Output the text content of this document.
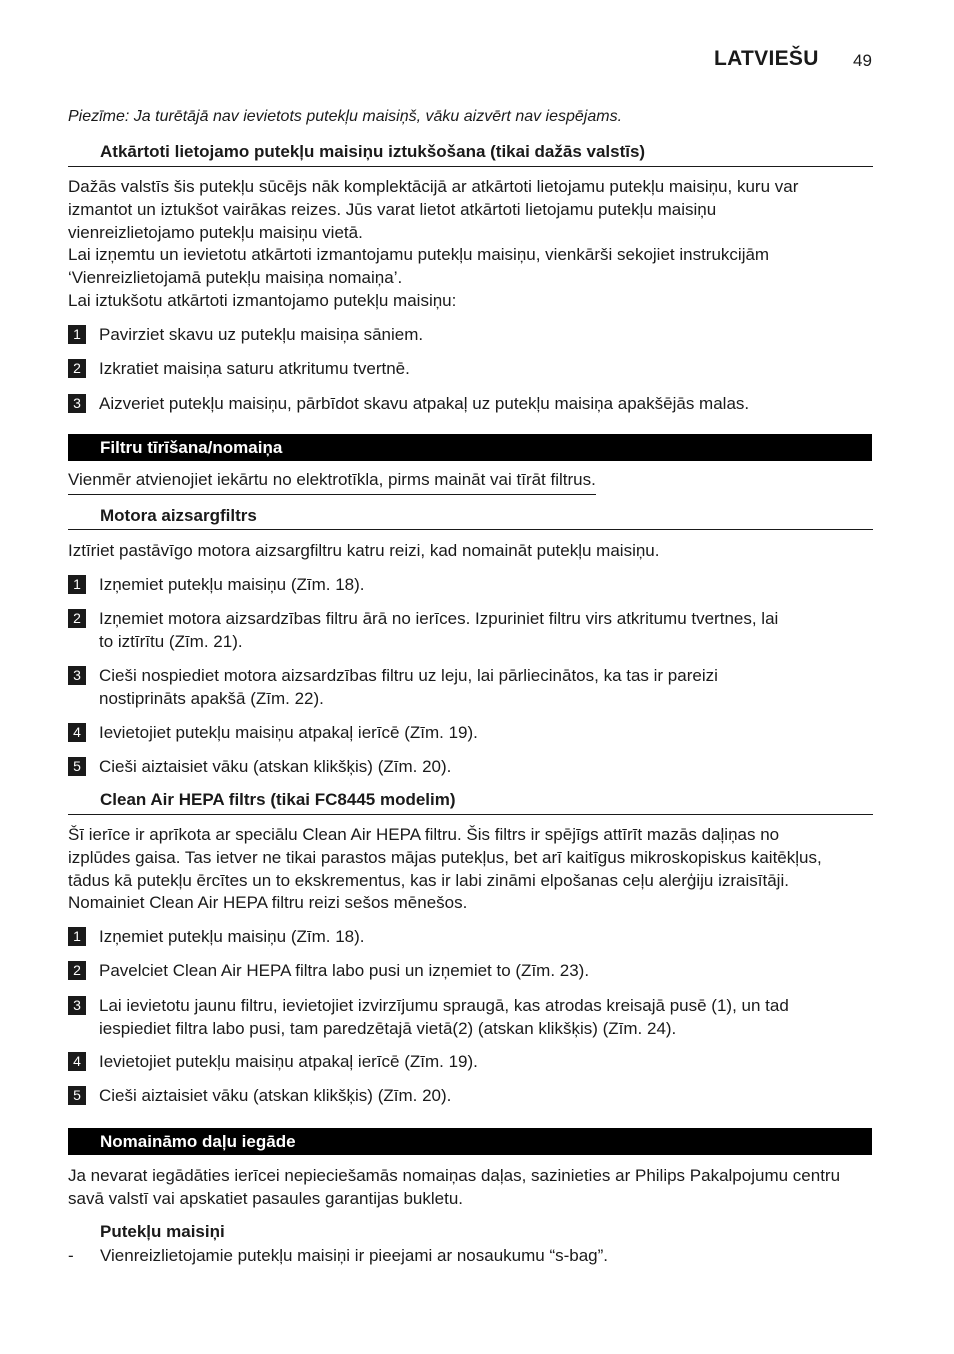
LATVIEŠU 49
Piezīme: Ja turētājā nav ievietots putekļu maisiņš, vāku aizvērt nav iespējams.
Atkārtoti lietojamo putekļu maisiņu iztukšošana (tikai dažās valstīs)
Dažās valstīs šis putekļu sūcējs nāk komplektācijā ar atkārtoti lietojamu putekļu maisiņu, kuru var
izmantot un iztukšot vairākas reizes. Jūs varat lietot atkārtoti lietojamu putekļu maisiņu
vienreizlietojamo putekļu maisiņu vietā.
Lai izņemtu un ievietotu atkārtoti izmantojamu putekļu maisiņu, vienkārši sekojiet instrukcijām
‘Vienreizlietojamā putekļu maisiņa nomaiņa’.
Lai iztukšotu atkārtoti izmantojamo putekļu maisiņu:
1	Pavirziet skavu uz putekļu maisiņa sāniem.
2	Izkratiet maisiņa saturu atkritumu tvertnē.
3	Aizveriet putekļu maisiņu, pārbīdot skavu atpakaļ uz putekļu maisiņa apakšējās malas.
Filtru tīrīšana/nomaiņa
Vienmēr atvienojiet iekārtu no elektrotīkla, pirms maināt vai tīrāt filtrus.
Motora aizsargfiltrs
Iztīriet pastāvīgo motora aizsargfiltru katru reizi, kad nomaināt putekļu maisiņu.
1	Izņemiet putekļu maisiņu (Zīm. 18).
2	Izņemiet motora aizsardzības filtru ārā no ierīces. Izpuriniet filtru virs atkritumu tvertnes, lai
to iztīrītu (Zīm. 21).
3	Cieši nospiediet motora aizsardzības filtru uz leju, lai pārliecinātos, ka tas ir pareizi
nostiprināts apakšā (Zīm. 22).
4	Ievietojiet putekļu maisiņu atpakaļ ierīcē (Zīm. 19).
5	Cieši aiztaisiet vāku (atskan klikšķis) (Zīm. 20).
Clean Air HEPA filtrs (tikai FC8445 modelim)
Šī ierīce ir aprīkota ar speciālu Clean Air HEPA filtru. Šis filtrs ir spējīgs attīrīt mazās daļiņas no
izplūdes gaisa. Tas ietver ne tikai parastos mājas putekļus, bet arī kaitīgus mikroskopiskus kaitēkļus,
tādus kā putekļu ērcītes un to ekskrementus, kas ir labi zināmi elpošanas ceļu alerģiju izraisītāji.
Nomainiet Clean Air HEPA filtru reizi sešos mēnešos.
1	Izņemiet putekļu maisiņu (Zīm. 18).
2	Pavelciet Clean Air HEPA filtra labo pusi un izņemiet to (Zīm. 23).
3	Lai ievietotu jaunu filtru, ievietojiet izvirzījumu spraugā, kas atrodas kreisajā pusē (1), un tad
iespiediet filtra labo pusi, tam paredzētajā vietā(2) (atskan klikšķis) (Zīm. 24).
4	Ievietojiet putekļu maisiņu atpakaļ ierīcē (Zīm. 19).
5	Cieši aiztaisiet vāku (atskan klikšķis) (Zīm. 20).
Nomaināmo daļu iegāde
Ja nevarat iegādāties ierīcei nepieciešamās nomaiņas daļas, sazinieties ar Philips Pakalpojumu centru
savā valstī vai apskatiet pasaules garantijas bukletu.
Putekļu maisiņi
-	Vienreizlietojamie putekļu maisiņi ir pieejami ar nosaukumu “s-bag”.
